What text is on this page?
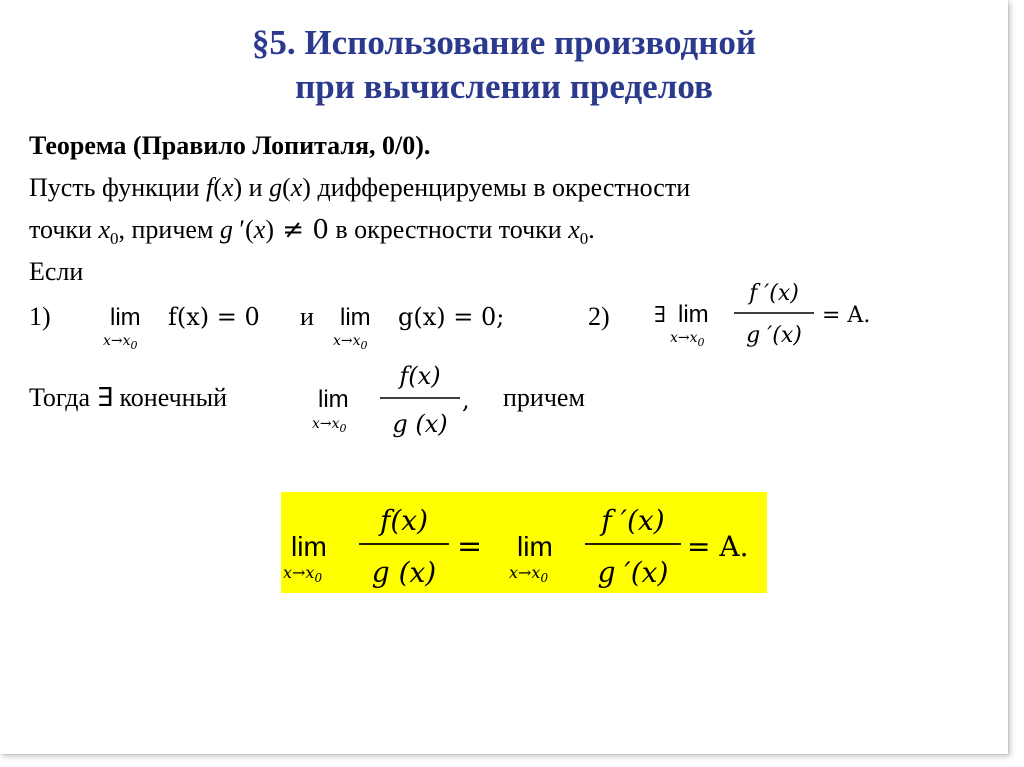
§5. Использование производной
при вычислении пределов
Теорема (Правило Лопиталя, 0/0).
Пусть функции f(x) и g(x) дифференцируемы в окрестности
точки $x_0$, причем g ′(x) ≠ 0 в окрестности точки $x_0$.
Если
1) lim
$x\to x_0$
f(x) = 0 и lim
$x\to x_0$
g(x) = 0;	2) ∃ lim
$x\to x_0$
f ′(x)
g ′(x)
= A.
Тогда ∃ конечный	lim
$x\to x_0$
f(x)
g (x)
, причем
lim
$x\to x_0$
f(x)
g (x)
= lim
$x\to x_0$
f ′(x)
g ′(x)
= A.
